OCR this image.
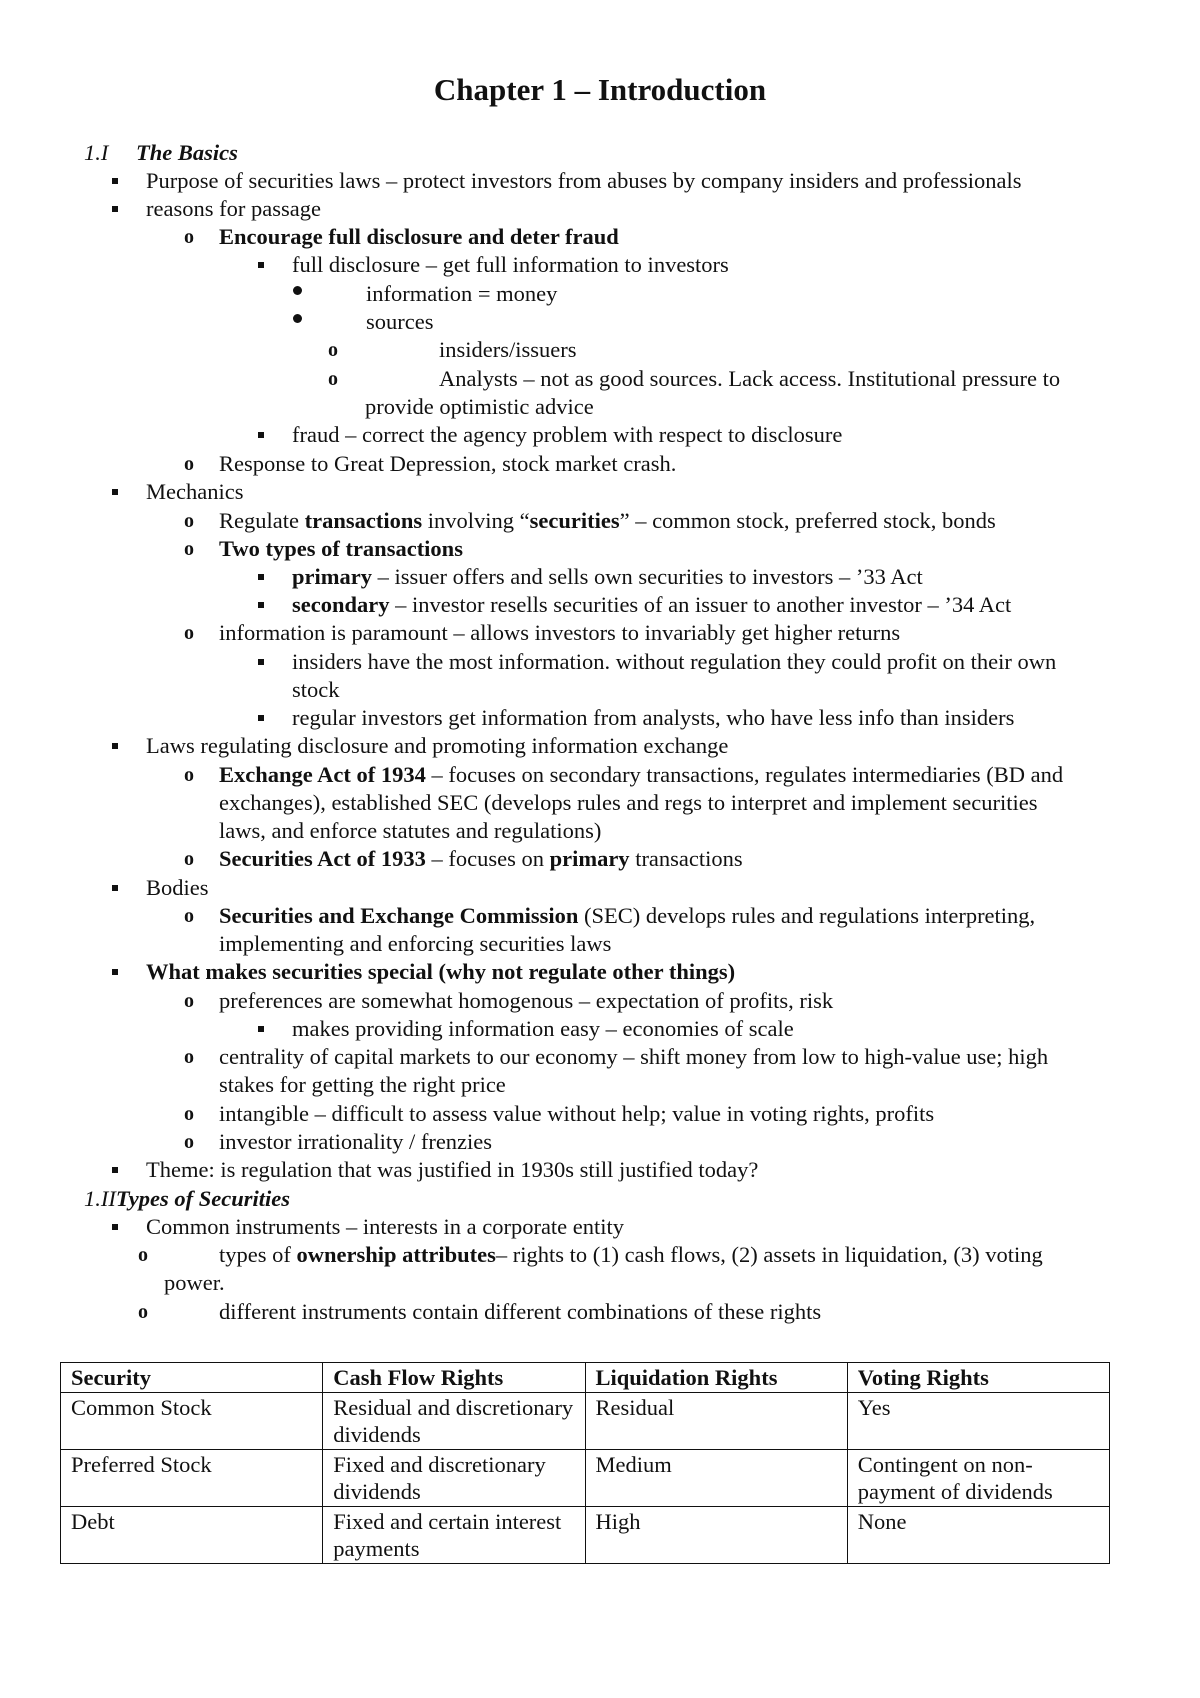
Chapter 1 – Introduction
1.I The Basics
Purpose of securities laws – protect investors from abuses by company insiders and professionals
reasons for passage
o Encourage full disclosure and deter fraud
full disclosure – get full information to investors
information = money
sources
o	insiders/issuers
o	Analysts – not as good sources. Lack access. Institutional pressure to
provide optimistic advice
fraud – correct the agency problem with respect to disclosure
o Response to Great Depression, stock market crash.
Mechanics
o Regulate transactions involving “securities” – common stock, preferred stock, bonds
o Two types of transactions
primary – issuer offers and sells own securities to investors – ’33 Act
secondary – investor resells securities of an issuer to another investor – ’34 Act
o information is paramount – allows investors to invariably get higher returns
insiders have the most information. without regulation they could profit on their own
stock
regular investors get information from analysts, who have less info than insiders
Laws regulating disclosure and promoting information exchange
o Exchange Act of 1934 – focuses on secondary transactions, regulates intermediaries (BD and
exchanges), established SEC (develops rules and regs to interpret and implement securities
laws, and enforce statutes and regulations)
o Securities Act of 1933 – focuses on primary transactions
Bodies
o Securities and Exchange Commission (SEC) develops rules and regulations interpreting,
implementing and enforcing securities laws
What makes securities special (why not regulate other things)
o preferences are somewhat homogenous – expectation of profits, risk
makes providing information easy – economies of scale
o centrality of capital markets to our economy – shift money from low to high-value use; high
stakes for getting the right price
o intangible – difficult to assess value without help; value in voting rights, profits
o investor irrationality / frenzies
Theme: is regulation that was justified in 1930s still justified today?
1.IITypes of Securities
Common instruments – interests in a corporate entity
o	types of ownership attributes– rights to (1) cash flows, (2) assets in liquidation, (3) voting
power.
o	different instruments contain different combinations of these rights
Security	Cash Flow Rights	Liquidation Rights	Voting Rights
Common Stock	Residual and discretionary dividends	Residual	Yes
Preferred Stock	Fixed and discretionary dividends	Medium	Contingent on non-payment of dividends
Debt	Fixed and certain interest payments	High	None
